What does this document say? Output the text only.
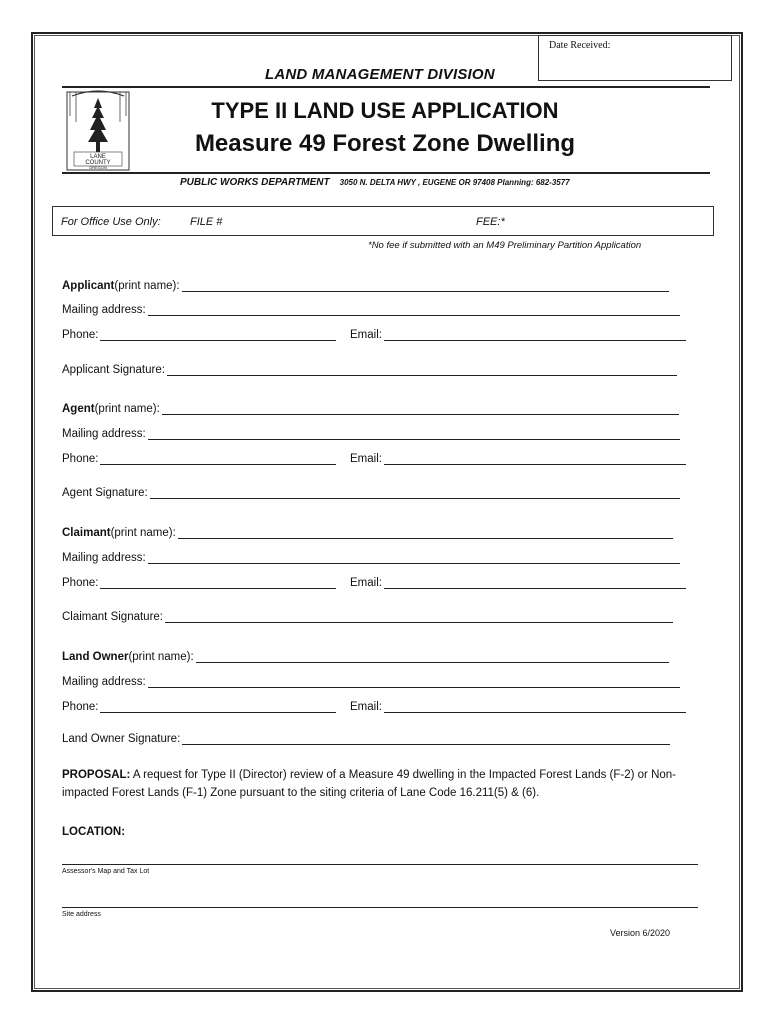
Date Received:
LAND MANAGEMENT DIVISION
LANE
COUNTY
OREGON
TYPE II LAND USE APPLICATION
Measure 49 Forest Zone Dwelling
PUBLIC WORKS DEPARTMENT 3050 N. DELTA HWY , EUGENE OR 97408 Planning: 682-3577
For Office Use Only:	FILE #	FEE:*
*No fee if submitted with an M49 Preliminary Partition Application
Applicant (print name):
Mailing address:
Phone:	Email:
Applicant Signature:
Agent (print name):
Mailing address:
Phone:	Email:
Agent Signature:
Claimant (print name):
Mailing address:
Phone:	Email:
Claimant Signature:
Land Owner (print name):
Mailing address:
Phone:	Email:
Land Owner Signature:
PROPOSAL: A request for Type II (Director) review of a Measure 49 dwelling in the Impacted Forest Lands (F-2) or Non-impacted Forest Lands (F-1) Zone pursuant to the siting criteria of Lane Code 16.211(5) & (6).
LOCATION:
Assessor's Map and Tax Lot
Site address
Version 6/2020
